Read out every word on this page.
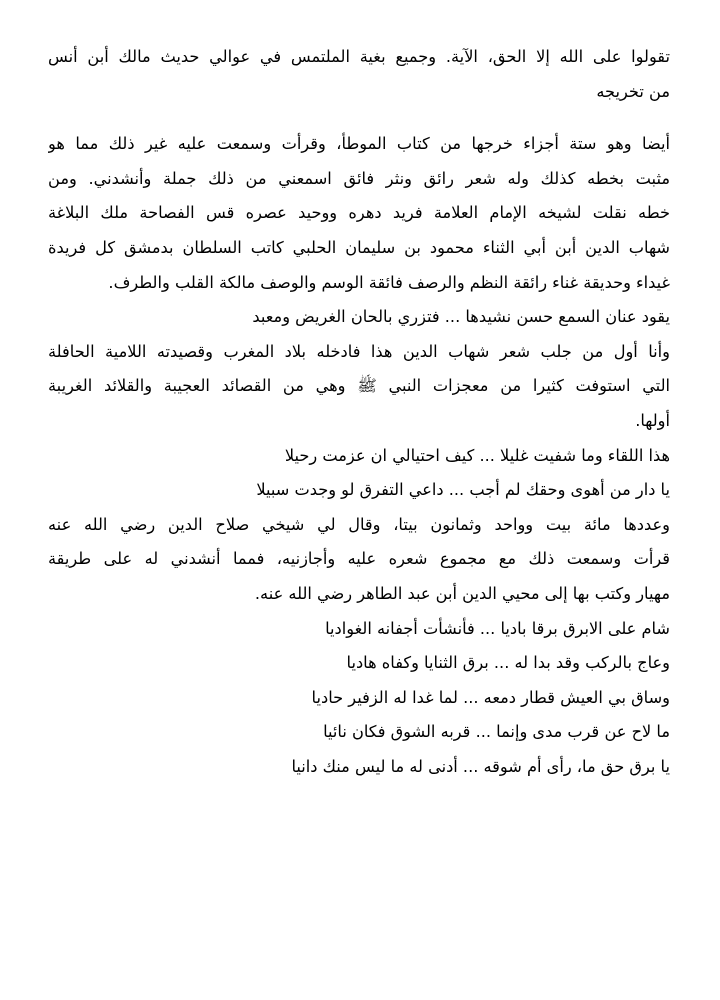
تقولوا على الله إلا الحق، الآية. وجميع بغية الملتمس في عوالي حديث مالك أبن أنس
من تخريجه
أيضا وهو ستة أجزاء خرجها من كتاب الموطأ، وقرأت وسمعت عليه غير ذلك مما هو
مثبت بخطه كذلك وله شعر رائق ونثر فائق اسمعني من ذلك جملة وأنشدني. ومن
خطه نقلت لشيخه الإمام العلامة فريد دهره ووحيد عصره قس الفصاحة ملك البلاغة
شهاب الدين أبن أبي الثناء محمود بن سليمان الحلبي كاتب السلطان بدمشق كل فريدة
غيداء وحديقة غناء رائقة النظم والرصف فائقة الوسم والوصف مالكة القلب والطرف.
يقود عنان السمع حسن نشيدها ... فتزري بالحان الغريض ومعبد
وأنا أول من جلب شعر شهاب الدين هذا فادخله بلاد المغرب وقصيدته اللامية الحافلة
التي استوفت كثيرا من معجزات النبي ﷺ وهي من القصائد العجيبة والقلائد الغريبة
أولها.
هذا اللقاء وما شفيت غليلا ... كيف احتيالي ان عزمت رحيلا
يا دار من أهوى وحقك لم أجب ... داعي التفرق لو وجدت سبيلا
وعددها مائة بيت وواحد وثمانون بيتا، وقال لي شيخي صلاح الدين رضي الله عنه
قرأت وسمعت ذلك مع مجموع شعره عليه وأجازنيه، فمما أنشدني له على طريقة
مهيار وكتب بها إلى محيي الدين أبن عبد الطاهر رضي الله عنه.
شام على الابرق برقا باديا ... فأنشأت أجفانه الغواديا
وعاج بالركب وقد بدا له ... برق الثنايا وكفاه هاديا
وساق بي العيش قطار دمعه ... لما غدا له الزفير حاديا
ما لاح عن قرب مدى وإنما ... قربه الشوق فكان نائيا
يا برق حق ما، رأى أم شوقه ... أدنى له ما ليس منك دانيا
